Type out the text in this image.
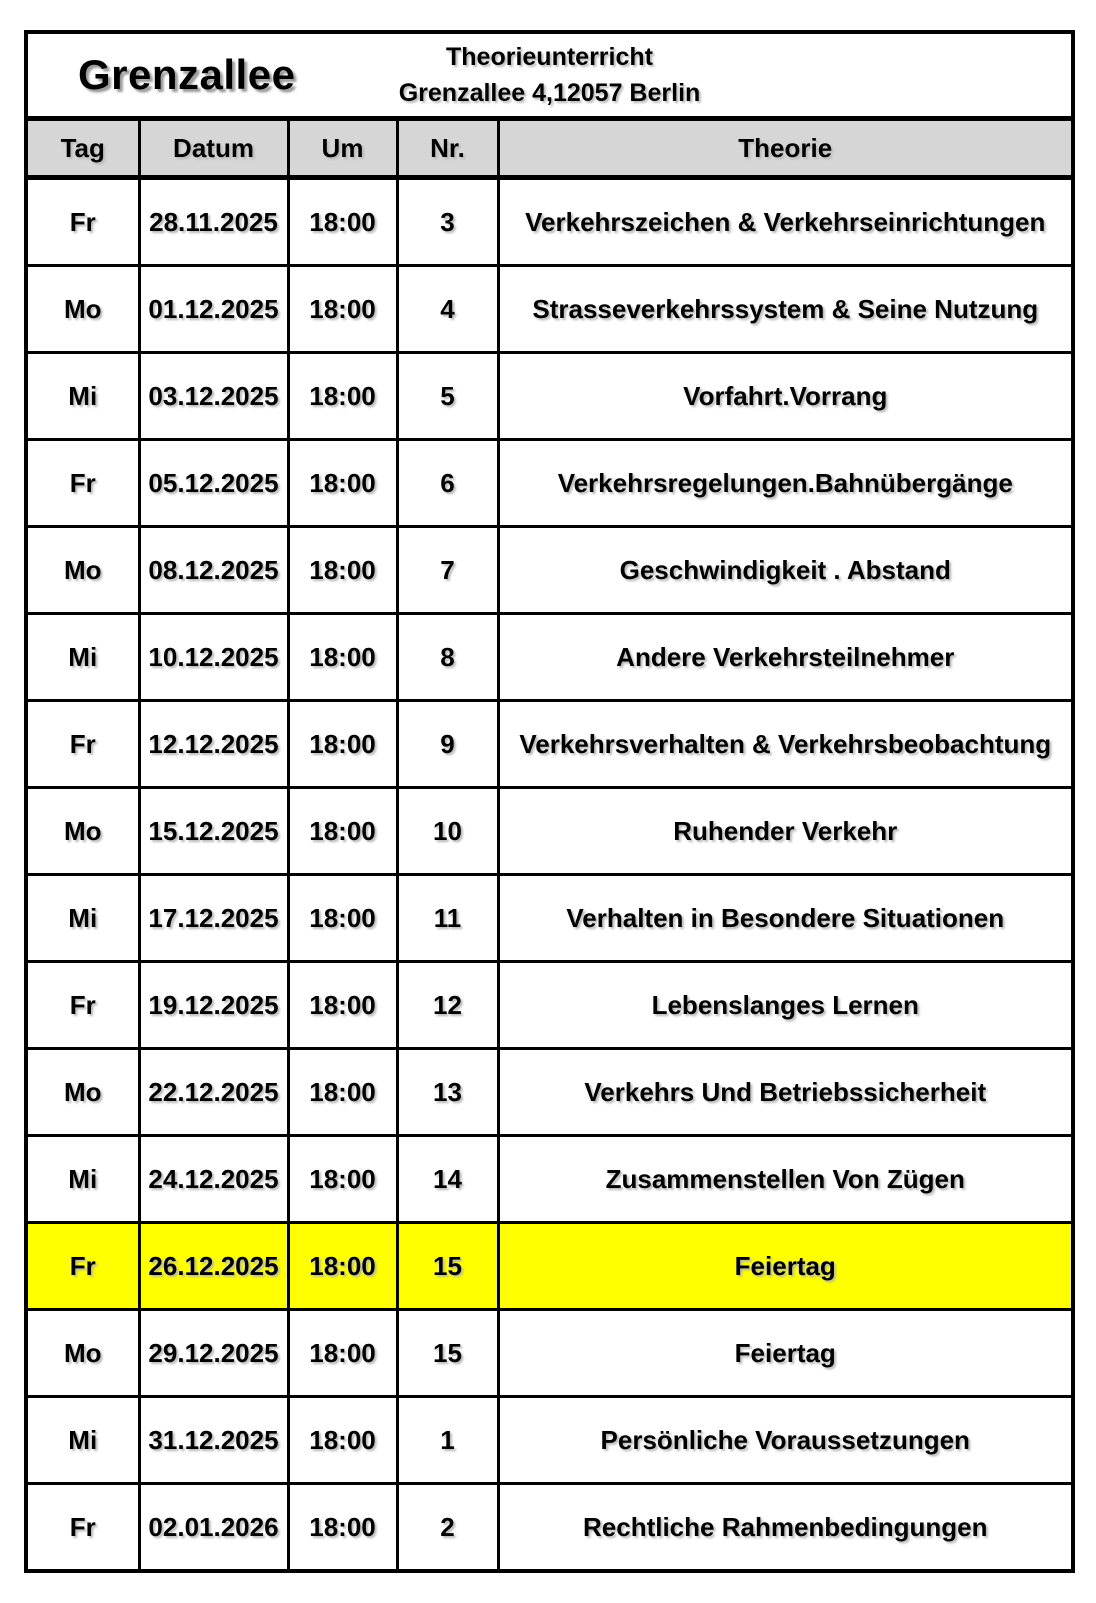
Grenzallee Theorieunterricht
Grenzallee 4,12057 Berlin				

Tag	Datum	Um	Nr.	Theorie
Fr	28.11.2025	18:00	3	Verkehrszeichen & Verkehrseinrichtungen
Mo	01.12.2025	18:00	4	Strasseverkehrssystem & Seine Nutzung
Mi	03.12.2025	18:00	5	Vorfahrt.Vorrang
Fr	05.12.2025	18:00	6	Verkehrsregelungen.Bahnübergänge
Mo	08.12.2025	18:00	7	Geschwindigkeit . Abstand
Mi	10.12.2025	18:00	8	Andere Verkehrsteilnehmer
Fr	12.12.2025	18:00	9	Verkehrsverhalten & Verkehrsbeobachtung
Mo	15.12.2025	18:00	10	Ruhender Verkehr
Mi	17.12.2025	18:00	11	Verhalten in Besondere Situationen
Fr	19.12.2025	18:00	12	Lebenslanges Lernen
Mo	22.12.2025	18:00	13	Verkehrs Und Betriebssicherheit
Mi	24.12.2025	18:00	14	Zusammenstellen Von Zügen
Fr	26.12.2025	18:00	15	Feiertag
Mo	29.12.2025	18:00	15	Feiertag
Mi	31.12.2025	18:00	1	Persönliche Voraussetzungen
Fr	02.01.2026	18:00	2	Rechtliche Rahmenbedingungen
